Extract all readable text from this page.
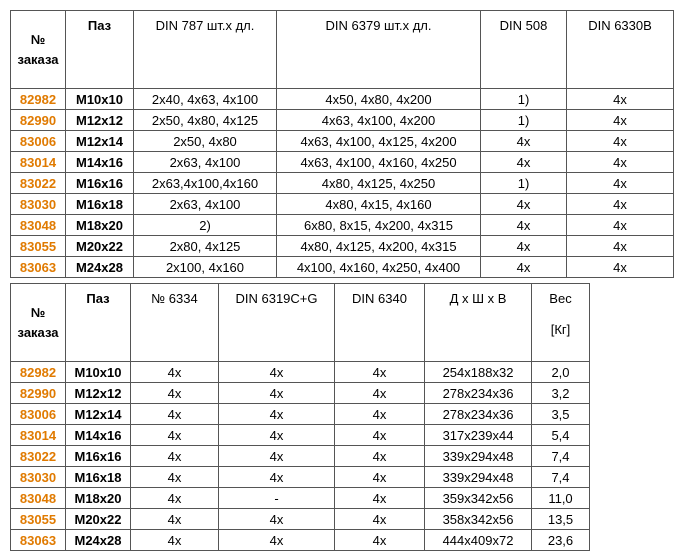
№
заказа	Паз	DIN 787 шт.х дл.	DIN 6379 шт.х дл.	DIN 508	DIN 6330B
82982	M10x10	2x40, 4x63, 4x100	4x50, 4x80, 4x200	1)	4x
82990	M12x12	2x50, 4x80, 4x125	4x63, 4x100, 4x200	1)	4x
83006	M12x14	2x50, 4x80	4x63, 4x100, 4x125, 4x200	4x	4x
83014	M14x16	2x63, 4x100	4x63, 4x100, 4x160, 4x250	4x	4x
83022	M16x16	2x63,4x100,4x160	4x80, 4x125, 4x250	1)	4x
83030	M16x18	2x63, 4x100	4x80, 4x15, 4x160	4x	4x
83048	M18x20	2)	6x80, 8x15, 4x200, 4x315	4x	4x
83055	M20x22	2x80, 4x125	4x80, 4x125, 4x200, 4x315	4x	4x
83063	M24x28	2x100, 4x160	4x100, 4x160, 4x250, 4x400	4x	4x
№
заказа	Паз	№ 6334	DIN 6319C+G	DIN 6340	Д х Ш х В	Вес
[Кг]

82982	M10x10	4x	4x	4x	254x188x32	2,0
82990	M12x12	4x	4x	4x	278x234x36	3,2
83006	M12x14	4x	4x	4x	278x234x36	3,5
83014	M14x16	4x	4x	4x	317x239x44	5,4
83022	M16x16	4x	4x	4x	339x294x48	7,4
83030	M16x18	4x	4x	4x	339x294x48	7,4
83048	M18x20	4x	-	4x	359x342x56	11,0
83055	M20x22	4x	4x	4x	358x342x56	13,5
83063	M24x28	4x	4x	4x	444x409x72	23,6
